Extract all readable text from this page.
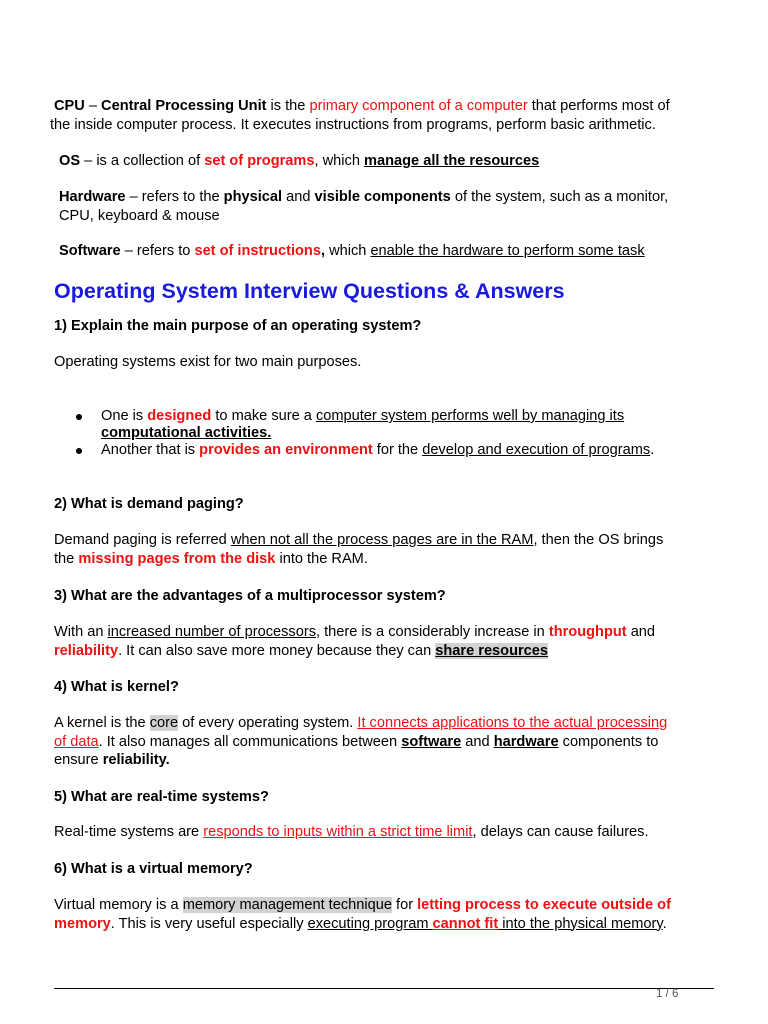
CPU – Central Processing Unit is the primary component of a computer that performs most of
the inside computer process. It executes instructions from programs, perform basic arithmetic.
OS – is a collection of set of programs, which manage all the resources
Hardware – refers to the physical and visible components of the system, such as a monitor,
CPU, keyboard & mouse
Software – refers to set of instructions, which enable the hardware to perform some task
Operating System Interview Questions & Answers
1) Explain the main purpose of an operating system?
Operating systems exist for two main purposes.
One is designed to make sure a computer system performs well by managing its
computational activities.
Another that is provides an environment for the develop and execution of programs.
2) What is demand paging?
Demand paging is referred when not all the process pages are in the RAM, then the OS brings
the missing pages from the disk into the RAM.
3) What are the advantages of a multiprocessor system?
With an increased number of processors, there is a considerably increase in throughput and
reliability. It can also save more money because they can share resources
4) What is kernel?
A kernel is the core of every operating system. It connects applications to the actual processing
of data. It also manages all communications between software and hardware components to
ensure reliability.
5) What are real-time systems?
Real-time systems are responds to inputs within a strict time limit, delays can cause failures.
6) What is a virtual memory?
Virtual memory is a memory management technique for letting process to execute outside of
memory. This is very useful especially executing program cannot fit into the physical memory.
1 / 6
